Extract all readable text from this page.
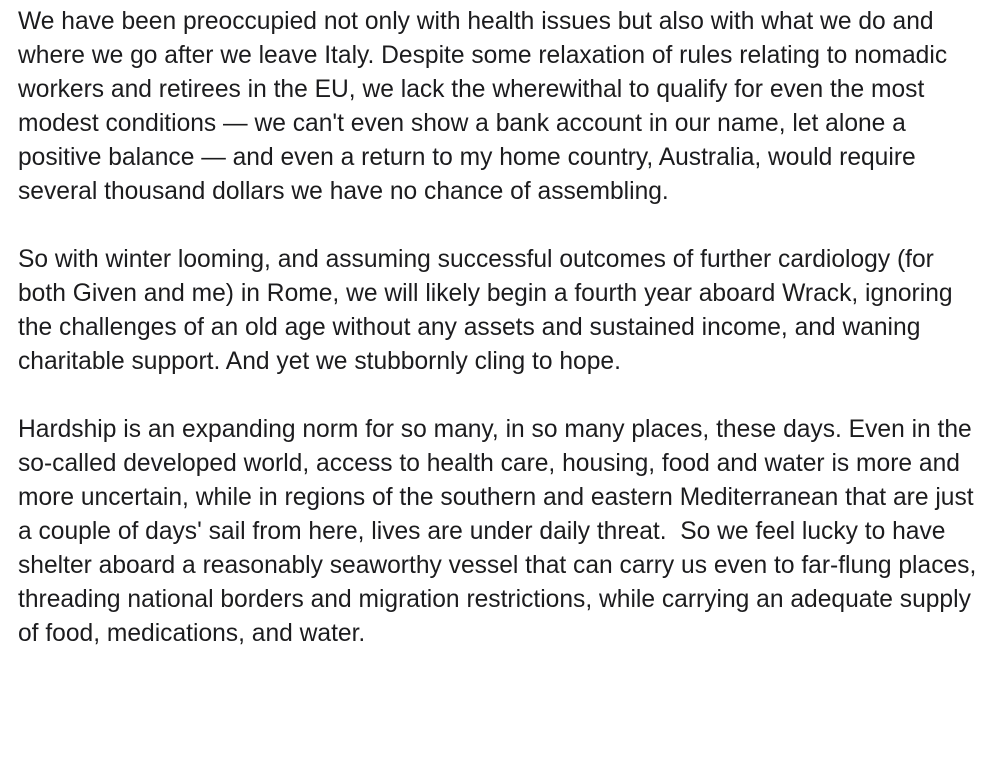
We have been preoccupied not only with health issues but also with what we do and where we go after we leave Italy. Despite some relaxation of rules relating to nomadic workers and retirees in the EU, we lack the wherewithal to qualify for even the most modest conditions — we can't even show a bank account in our name, let alone a positive balance — and even a return to my home country, Australia, would require several thousand dollars we have no chance of assembling.

So with winter looming, and assuming successful outcomes of further cardiology (for both Given and me) in Rome, we will likely begin a fourth year aboard Wrack, ignoring the challenges of an old age without any assets and sustained income, and waning charitable support. And yet we stubbornly cling to hope.

Hardship is an expanding norm for so many, in so many places, these days. Even in the so-called developed world, access to health care, housing, food and water is more and more uncertain, while in regions of the southern and eastern Mediterranean that are just a couple of days' sail from here, lives are under daily threat.  So we feel lucky to have shelter aboard a reasonably seaworthy vessel that can carry us even to far-flung places, threading national borders and migration restrictions, while carrying an adequate supply of food, medications, and water.
